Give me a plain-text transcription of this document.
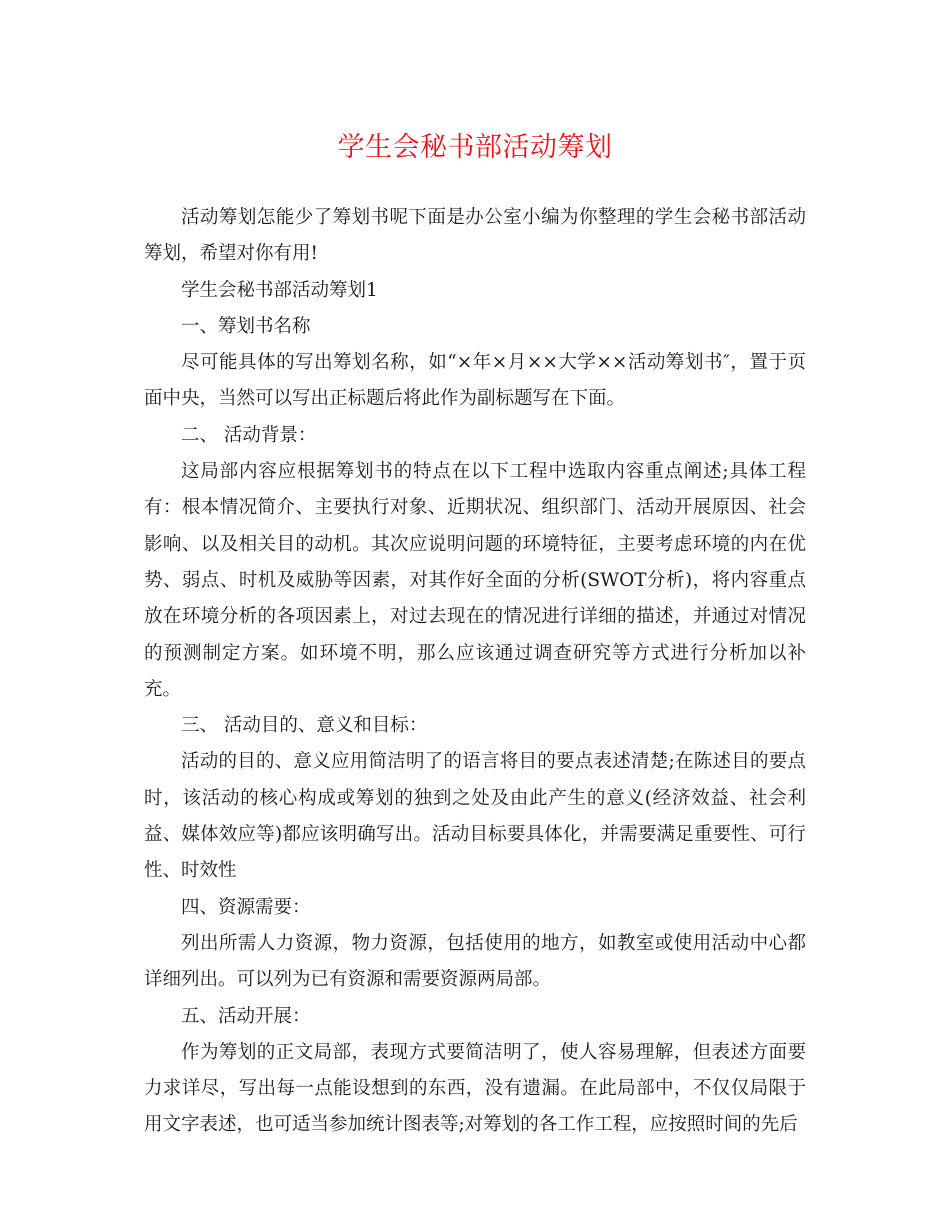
学生会秘书部活动筹划

活动筹划怎能少了筹划书呢下面是办公室小编为你整理的学生会秘书部活动筹划，希望对你有用!

学生会秘书部活动筹划1

一、筹划书名称

尽可能具体的写出筹划名称，如“×年×月××大学××活动筹划书″，置于页面中央，当然可以写出正标题后将此作为副标题写在下面。

二、 活动背景：

这局部内容应根据筹划书的特点在以下工程中选取内容重点阐述;具体工程有：根本情况简介、主要执行对象、近期状况、组织部门、活动开展原因、社会影响、以及相关目的动机。其次应说明问题的环境特征，主要考虑环境的内在优势、弱点、时机及威胁等因素，对其作好全面的分析(SWOT分析)，将内容重点放在环境分析的各项因素上，对过去现在的情况进行详细的描述，并通过对情况的预测制定方案。如环境不明，那么应该通过调查研究等方式进行分析加以补充。

三、 活动目的、意义和目标：

活动的目的、意义应用简洁明了的语言将目的要点表述清楚;在陈述目的要点时，该活动的核心构成或筹划的独到之处及由此产生的意义(经济效益、社会利益、媒体效应等)都应该明确写出。活动目标要具体化，并需要满足重要性、可行性、时效性

四、资源需要：

列出所需人力资源，物力资源，包括使用的地方，如教室或使用活动中心都详细列出。可以列为已有资源和需要资源两局部。

五、活动开展：

作为筹划的正文局部，表现方式要简洁明了，使人容易理解，但表述方面要力求详尽，写出每一点能设想到的东西，没有遗漏。在此局部中，不仅仅局限于用文字表述，也可适当参加统计图表等;对筹划的各工作工程，应按照时间的先后
